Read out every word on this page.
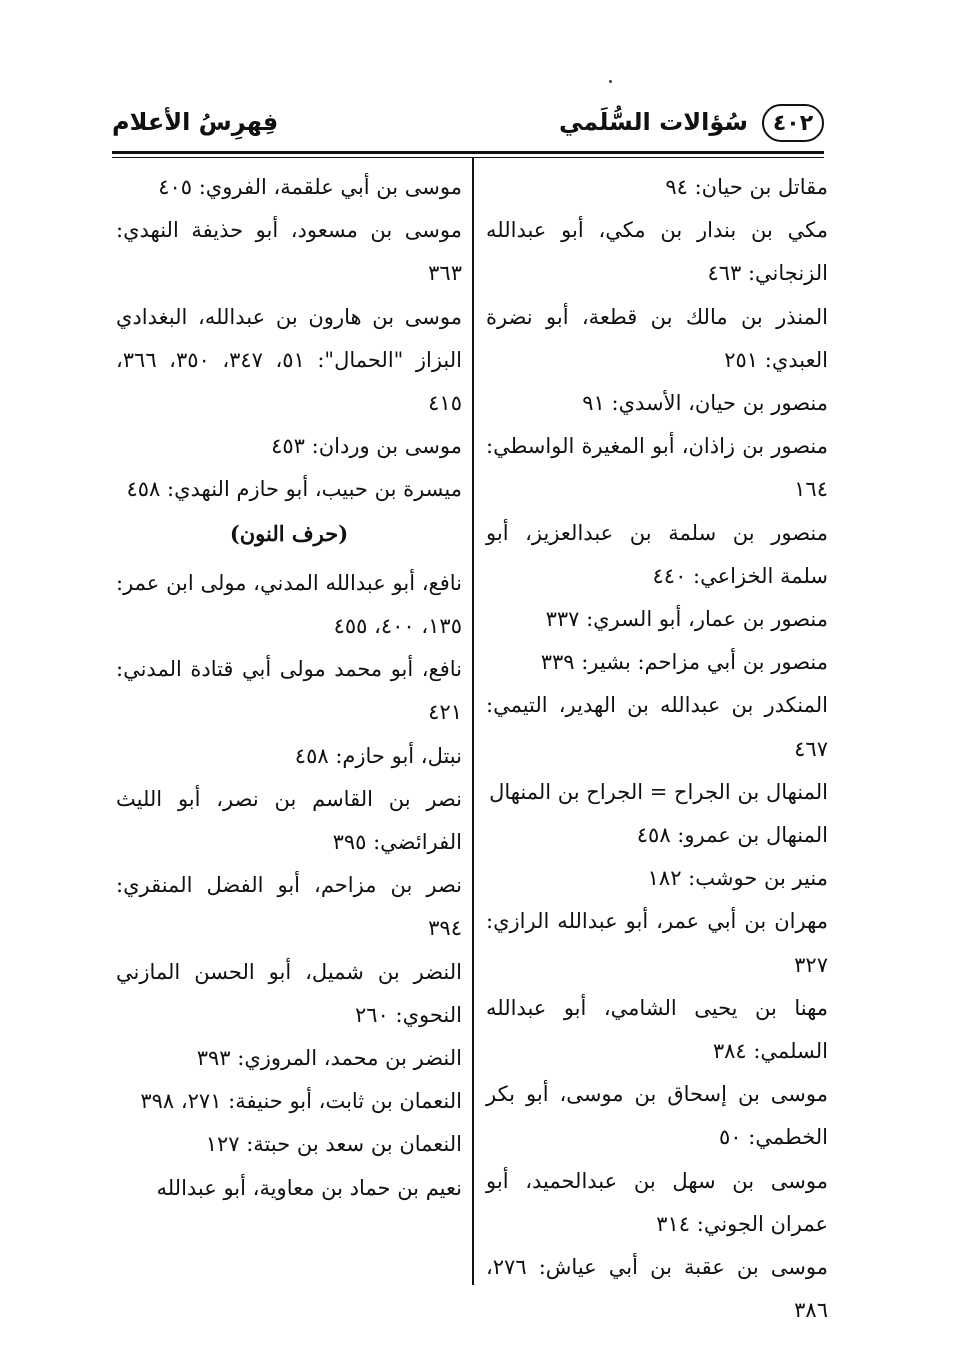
٤٠٢
سُؤالات السُّلَمي
فِهرِسُ الأعلام

مقاتل بن حيان: ٩٤

مكي بن بندار بن مكي، أبو عبدالله الزنجاني: ٤٦٣

المنذر بن مالك بن قطعة، أبو نضرة العبدي: ٢٥١

منصور بن حيان، الأسدي: ٩١

منصور بن زاذان، أبو المغيرة الواسطي: ١٦٤

منصور بن سلمة بن عبدالعزيز، أبو سلمة الخزاعي: ٤٤٠

منصور بن عمار، أبو السري: ٣٣٧

منصور بن أبي مزاحم: بشير: ٣٣٩

المنكدر بن عبدالله بن الهدير، التيمي: ٤٦٧

المنهال بن الجراح = الجراح بن المنهال

المنهال بن عمرو: ٤٥٨

منير بن حوشب: ١٨٢

مهران بن أبي عمر، أبو عبدالله الرازي: ٣٢٧

مهنا بن يحيى الشامي، أبو عبدالله السلمي: ٣٨٤

موسى بن إسحاق بن موسى، أبو بكر الخطمي: ٥٠

موسى بن سهل بن عبدالحميد، أبو عمران الجوني: ٣١٤

موسى بن عقبة بن أبي عياش: ٢٧٦، ٣٨٦

موسى بن أبي علقمة، الفروي: ٤٠٥

موسى بن مسعود، أبو حذيفة النهدي: ٣٦٣

موسى بن هارون بن عبدالله، البغدادي البزاز "الحمال": ٥١، ٣٤٧، ٣٥٠، ٣٦٦، ٤١٥

موسى بن وردان: ٤٥٣

ميسرة بن حبيب، أبو حازم النهدي: ٤٥٨

(حرف النون)

نافع، أبو عبدالله المدني، مولى ابن عمر: ١٣٥، ٤٠٠، ٤٥٥

نافع، أبو محمد مولى أبي قتادة المدني: ٤٢١

نبتل، أبو حازم: ٤٥٨

نصر بن القاسم بن نصر، أبو الليث الفرائضي: ٣٩٥

نصر بن مزاحم، أبو الفضل المنقري: ٣٩٤

النضر بن شميل، أبو الحسن المازني النحوي: ٢٦٠

النضر بن محمد، المروزي: ٣٩٣

النعمان بن ثابت، أبو حنيفة: ٢٧١، ٣٩٨

النعمان بن سعد بن حبتة: ١٢٧

نعيم بن حماد بن معاوية، أبو عبدالله
